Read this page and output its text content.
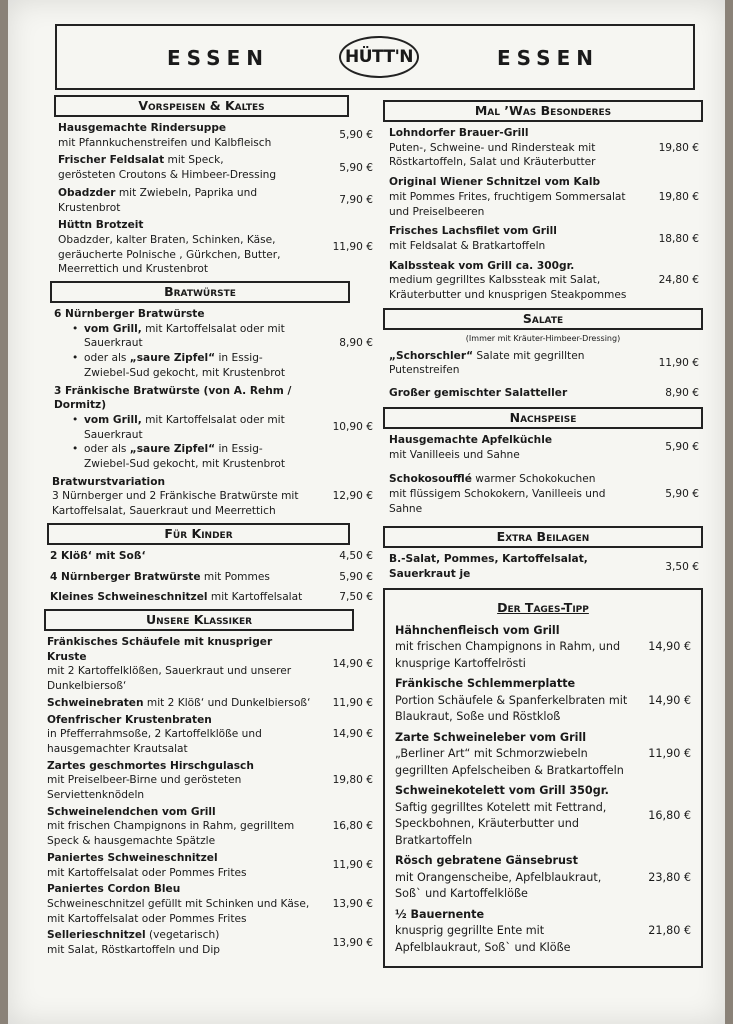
ESSEN	HÜTT'N	ESSEN
Vorspeisen & Kaltes
Hausgemachte Rindersuppe
mit Pfannkuchenstreifen und Kalbfleisch
5,90 €
Frischer Feldsalat mit Speck,
gerösteten Croutons & Himbeer-Dressing
5,90 €
Obadzder mit Zwiebeln, Paprika und Krustenbrot
7,90 €
Hüttn Brotzeit
Obadzder, kalter Braten, Schinken, Käse, geräucherte Polnische , Gürkchen, Butter, Meerrettich und Krustenbrot
11,90 €
Bratwürste
6 Nürnberger Bratwürste
• vom Grill, mit Kartoffelsalat oder mit Sauerkraut
• oder als „saure Zipfel“ in Essig-Zwiebel-Sud gekocht, mit Krustenbrot
8,90 €
3 Fränkische Bratwürste (von A. Rehm / Dormitz)
• vom Grill, mit Kartoffelsalat oder mit Sauerkraut
• oder als „saure Zipfel“ in Essig-Zwiebel-Sud gekocht, mit Krustenbrot
10,90 €
Bratwurstvariation
3 Nürnberger und 2 Fränkische Bratwürste mit Kartoffelsalat, Sauerkraut und Meerrettich
12,90 €
Für Kinder
2 Klöß‘ mit Soß‘	4,50 €
4 Nürnberger Bratwürste mit Pommes	5,90 €
Kleines Schweineschnitzel mit Kartoffelsalat	7,50 €
Unsere Klassiker
Fränkisches Schäufele mit knuspriger Kruste
mit 2 Kartoffelklößen, Sauerkraut und unserer Dunkelbiersoß‘
14,90 €
Schweinebraten mit 2 Klöß‘ und Dunkelbiersoß‘	11,90 €
Ofenfrischer Krustenbraten
in Pfefferrahmsoße, 2 Kartoffelklöße und hausgemachter Krautsalat
14,90 €
Zartes geschmortes Hirschgulasch
mit Preiselbeer-Birne und gerösteten Serviettenknödeln
19,80 €
Schweinelendchen vom Grill
mit frischen Champignons in Rahm, gegrilltem Speck & hausgemachte Spätzle
16,80 €
Paniertes Schweineschnitzel
mit Kartoffelsalat oder Pommes Frites
11,90 €
Paniertes Cordon Bleu
Schweineschnitzel gefüllt mit Schinken und Käse, mit Kartoffelsalat oder Pommes Frites
13,90 €
Sellerieschnitzel (vegetarisch)
mit Salat, Röstkartoffeln und Dip
13,90 €
Mal ’Was Besonderes
Lohndorfer Brauer-Grill
Puten-, Schweine- und Rindersteak mit Röstkartoffeln, Salat und Kräuterbutter
19,80 €
Original Wiener Schnitzel vom Kalb
mit Pommes Frites, fruchtigem Sommersalat und Preiselbeeren
19,80 €
Frisches Lachsfilet vom Grill
mit Feldsalat & Bratkartoffeln
18,80 €
Kalbssteak vom Grill ca. 300gr.
medium gegrilltes Kalbssteak mit Salat, Kräuterbutter und knusprigen Steakpommes
24,80 €
Salate
(Immer mit Kräuter-Himbeer-Dressing)
„Schorschler“ Salate mit gegrillten Putenstreifen
11,90 €
Großer gemischter Salatteller	8,90 €
Nachspeise
Hausgemachte Apfelküchle
mit Vanilleeis und Sahne
5,90 €
Schokosoufflé warmer Schokokuchen
mit flüssigem Schokokern, Vanilleeis und Sahne
5,90 €
Extra Beilagen
B.-Salat, Pommes, Kartoffelsalat, Sauerkraut je
3,50 €
Der Tages-Tipp
Hähnchenfleisch vom Grill
mit frischen Champignons in Rahm, und knusprige Kartoffelrösti
14,90 €
Fränkische Schlemmerplatte
Portion Schäufele & Spanferkelbraten mit Blaukraut, Soße und Röstkloß
14,90 €
Zarte Schweineleber vom Grill
„Berliner Art“ mit Schmorzwiebeln gegrillten Apfelscheiben & Bratkartoffeln
11,90 €
Schweinekotelett vom Grill 350gr.
Saftig gegrilltes Kotelett mit Fettrand, Speckbohnen, Kräuterbutter und Bratkartoffeln
16,80 €
Rösch gebratene Gänsebrust
mit Orangenscheibe, Apfelblaukraut, Soß` und Kartoffelklöße
23,80 €
½ Bauernente
knusprig gegrillte Ente mit Apfelblaukraut, Soß` und Klöße
21,80 €
